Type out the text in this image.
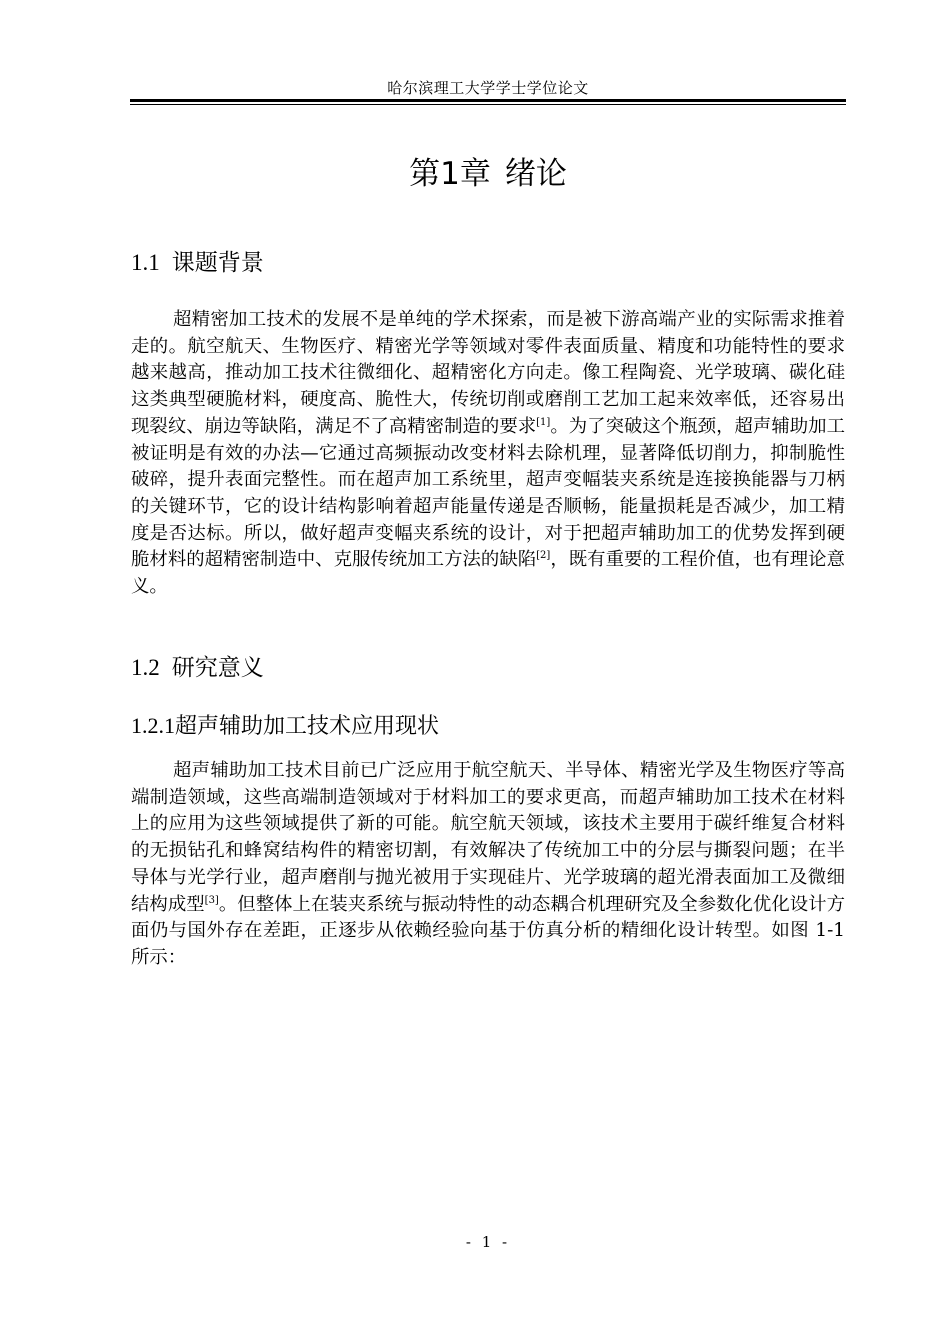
哈尔滨理工大学学士学位论文
第1章 绪论
1.1 课题背景

超精密加工技术的发展不是单纯的学术探索，而是被下游高端产业的实际需求推着走的。航空航天、生物医疗、精密光学等领域对零件表面质量、精度和功能特性的要求越来越高，推动加工技术往微细化、超精密化方向走。像工程陶瓷、光学玻璃、碳化硅这类典型硬脆材料，硬度高、脆性大，传统切削或磨削工艺加工起来效率低，还容易出现裂纹、崩边等缺陷，满足不了高精密制造的要求[1]。为了突破这个瓶颈，超声辅助加工被证明是有效的办法—它通过高频振动改变材料去除机理，显著降低切削力，抑制脆性破碎，提升表面完整性。而在超声加工系统里，超声变幅装夹系统是连接换能器与刀柄的关键环节，它的设计结构影响着超声能量传递是否顺畅，能量损耗是否减少，加工精度是否达标。所以，做好超声变幅夹系统的设计，对于把超声辅助加工的优势发挥到硬脆材料的超精密制造中、克服传统加工方法的缺陷[2]，既有重要的工程价值，也有理论意义。

1.2 研究意义
1.2.1超声辅助加工技术应用现状

超声辅助加工技术目前已广泛应用于航空航天、半导体、精密光学及生物医疗等高端制造领域，这些高端制造领域对于材料加工的要求更高，而超声辅助加工技术在材料上的应用为这些领域提供了新的可能。航空航天领域，该技术主要用于碳纤维复合材料的无损钻孔和蜂窝结构件的精密切割，有效解决了传统加工中的分层与撕裂问题；在半导体与光学行业，超声磨削与抛光被用于实现硅片、光学玻璃的超光滑表面加工及微细结构成型[3]。但整体上在装夹系统与振动特性的动态耦合机理研究及全参数化优化设计方面仍与国外存在差距，正逐步从依赖经验向基于仿真分析的精细化设计转型。如图 1-1 所示：

- 1 -
